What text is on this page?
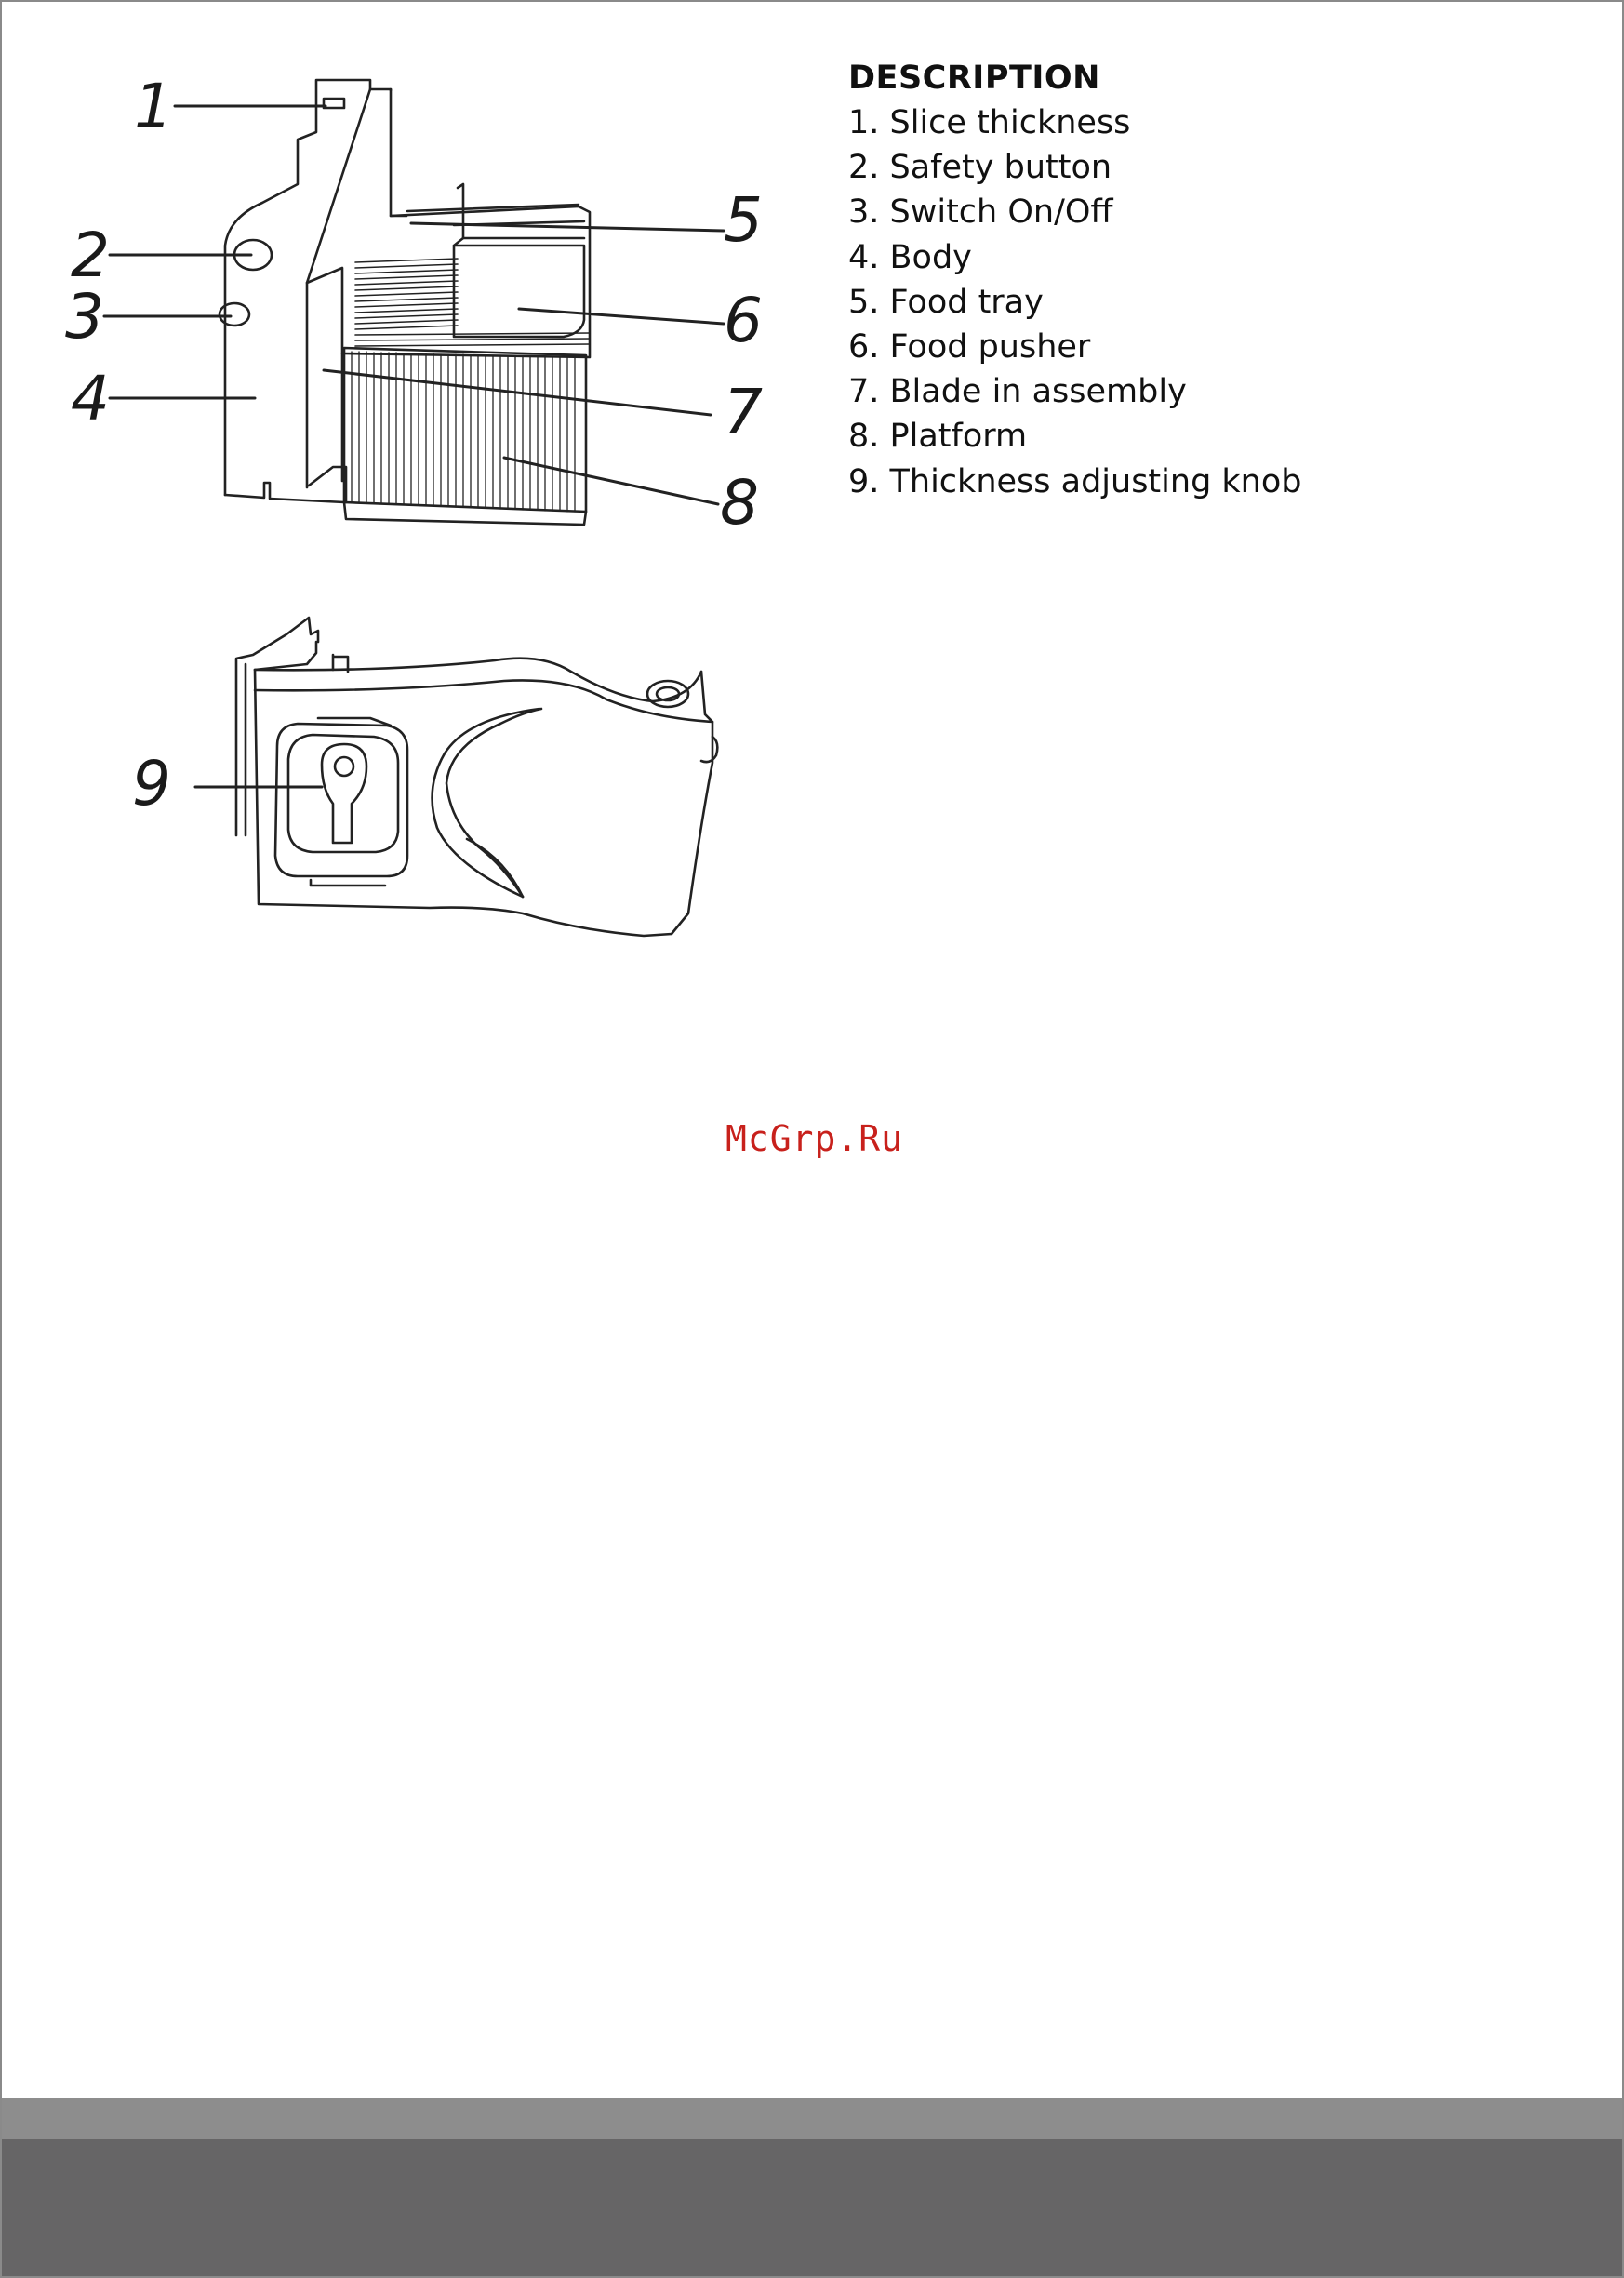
1
2
3
4
5
6
7
8
9
DESCRIPTION
1. Slice thickness
2. Safety button
3. Switch On/Off
4. Body
5. Food tray
6. Food pusher
7. Blade in assembly
8. Platform
9. Thickness adjusting knob
McGrp.Ru
